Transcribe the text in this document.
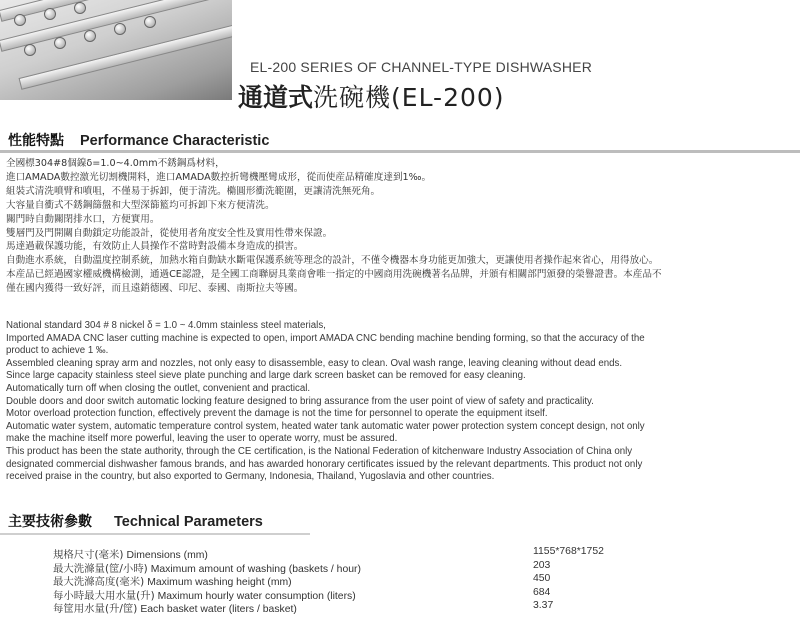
EL-200 SERIES OF CHANNEL-TYPE DISHWASHER
通道式洗碗機(EL-200)
性能特點 Performance Characteristic
全國標304#8個鎳δ=1.0~4.0mm不銹鋼爲材料，
進口AMADA數控激光切割機開料，進口AMADA數控折彎機壓彎成形，從而使産品精確度達到1‰。
組裝式清洗噴臂和噴咀，不僅易于拆卸，便于清洗。橢圓形衝洗範圍，更讓清洗無死角。
大容量自衝式不銹鋼篩盤和大型深篩籃均可拆卸下來方便清洗。
關門時自動關閉排水口，方便實用。
雙層門及門開關自動鎖定功能設計，從使用者角度安全性及實用性帶來保證。
馬達過載保護功能，有效防止人員操作不當時對設備本身造成的損害。
自動進水系統，自動溫度控制系統，加熱水箱自動缺水斷電保護系統等理念的設計，不僅令機器本身功能更加強大，更讓使用者操作起來省心，用得放心。
本産品已經過國家權威機構檢測，通過CE認證，是全國工商聯厨具業商會唯一指定的中國商用洗碗機著名品牌，并頒有相關部門頒發的榮譽證書。本産品不
僅在國内獲得一致好評，而且遠銷德國、印尼、泰國、南斯拉夫等國。
National standard 304 # 8 nickel δ = 1.0 ~ 4.0mm stainless steel materials,
Imported AMADA CNC laser cutting machine is expected to open, import AMADA CNC bending machine bending forming, so that the accuracy of the
product to achieve 1 ‰.
Assembled cleaning spray arm and nozzles, not only easy to disassemble, easy to clean. Oval wash range, leaving cleaning without dead ends.
Since large capacity stainless steel sieve plate punching and large dark screen basket can be removed for easy cleaning.
Automatically turn off when closing the outlet, convenient and practical.
Double doors and door switch automatic locking feature designed to bring assurance from the user point of view of safety and practicality.
Motor overload protection function, effectively prevent the damage is not the time for personnel to operate the equipment itself.
Automatic water system, automatic temperature control system, heated water tank automatic water power protection system concept design, not only
make the machine itself more powerful, leaving the user to operate worry, must be assured.
This product has been the state authority, through the CE certification, is the National Federation of kitchenware Industry Association of China only
designated commercial dishwasher famous brands, and has awarded honorary certificates issued by the relevant departments. This product not only
received praise in the country, but also exported to Germany, Indonesia, Thailand, Yugoslavia and other countries.
主要技術參數 Technical Parameters
規格尺寸(毫米) Dimensions (mm)	1155*768*1752
最大洗滌量(筐/小時) Maximum amount of washing (baskets / hour)	203
最大洗滌高度(毫米) Maximum washing height (mm)	450
每小時最大用水量(升) Maximum hourly water consumption (liters)	684
每筐用水量(升/筐) Each basket water (liters / basket)	3.37
